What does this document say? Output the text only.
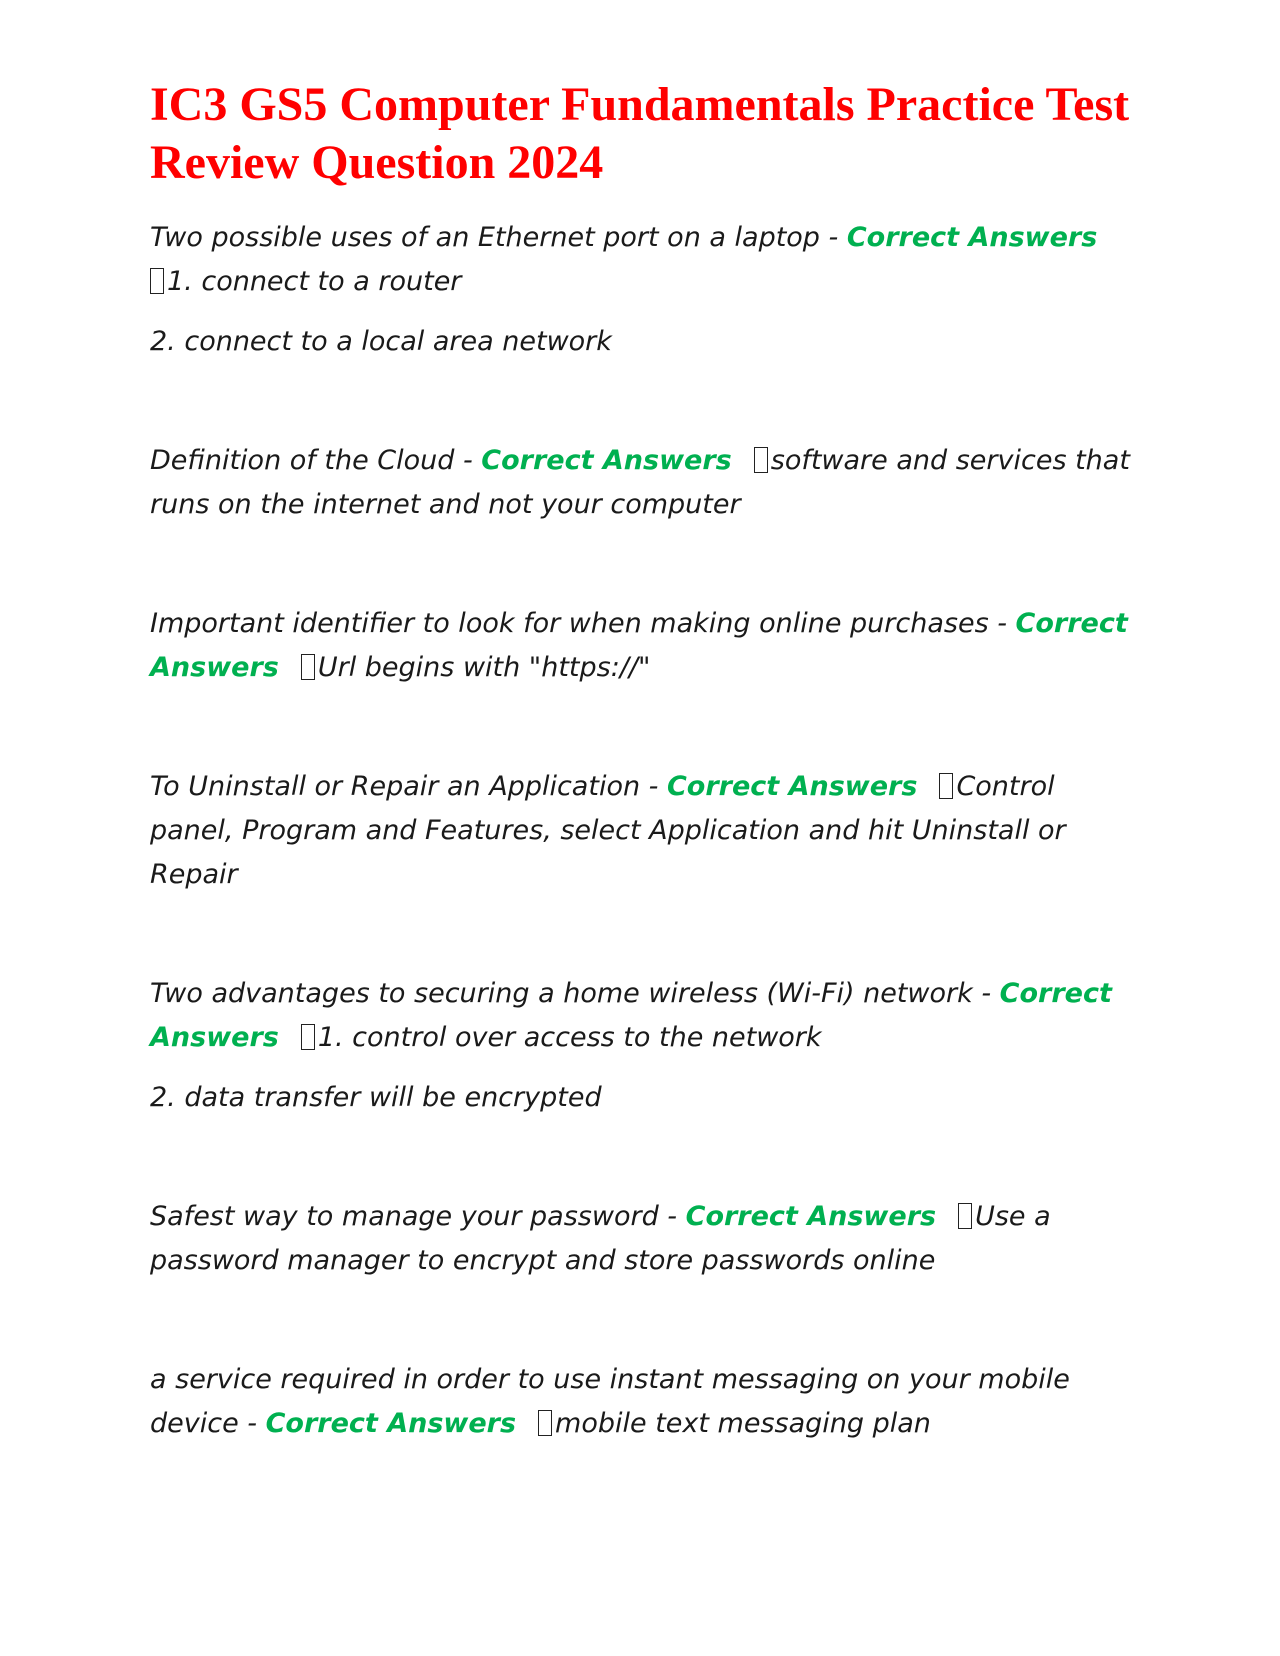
IC3 GS5 Computer Fundamentals Practice Test Review Question 2024

Two possible uses of an Ethernet port on a laptop - Correct Answers
1. connect to a router

2. connect to a local area network

Definition of the Cloud - Correct Answers software and services that runs on the internet and not your computer

Important identifier to look for when making online purchases - Correct Answers Url begins with "https://"

To Uninstall or Repair an Application - Correct Answers Control panel, Program and Features, select Application and hit Uninstall or Repair

Two advantages to securing a home wireless (Wi-Fi) network - Correct Answers 1. control over access to the network

2. data transfer will be encrypted

Safest way to manage your password - Correct Answers Use a password manager to encrypt and store passwords online

a service required in order to use instant messaging on your mobile device - Correct Answers mobile text messaging plan
